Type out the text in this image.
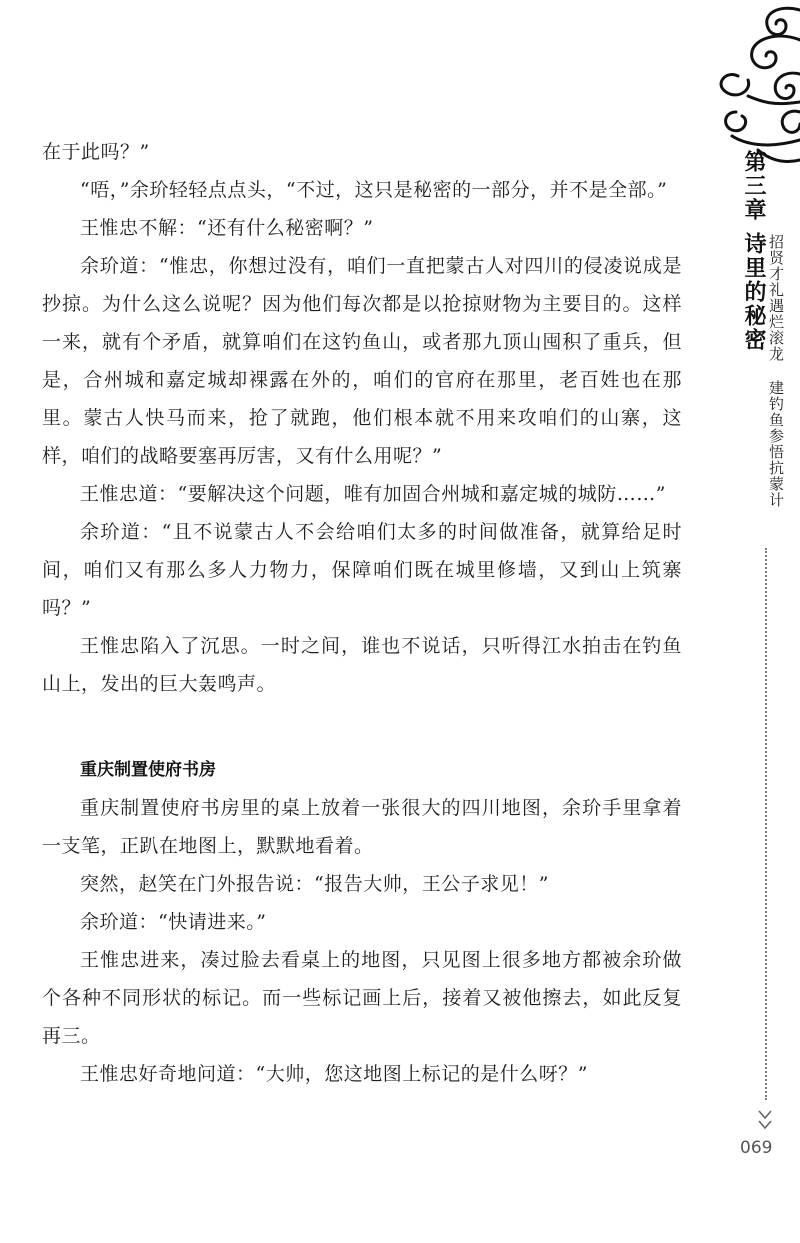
在于此吗？”

“唔，”余玠轻轻点点头，“不过，这只是秘密的一部分，并不是全部。”

王惟忠不解：“还有什么秘密啊？”

余玠道：“惟忠，你想过没有，咱们一直把蒙古人对四川的侵凌说成是抄掠。为什么这么说呢？因为他们每次都是以抢掠财物为主要目的。这样一来，就有个矛盾，就算咱们在这钓鱼山，或者那九顶山囤积了重兵，但是，合州城和嘉定城却裸露在外的，咱们的官府在那里，老百姓也在那里。蒙古人快马而来，抢了就跑，他们根本就不用来攻咱们的山寨，这样，咱们的战略要塞再厉害，又有什么用呢？”

王惟忠道：“要解决这个问题，唯有加固合州城和嘉定城的城防……”

余玠道：“且不说蒙古人不会给咱们太多的时间做准备，就算给足时间，咱们又有那么多人力物力，保障咱们既在城里修墙，又到山上筑寨吗？”

王惟忠陷入了沉思。一时之间，谁也不说话，只听得江水拍击在钓鱼山上，发出的巨大轰鸣声。

重庆制置使府书房

重庆制置使府书房里的桌上放着一张很大的四川地图，余玠手里拿着一支笔，正趴在地图上，默默地看着。

突然，赵笑在门外报告说：“报告大帅，王公子求见！”

余玠道：“快请进来。”

王惟忠进来，凑过脸去看桌上的地图，只见图上很多地方都被余玠做个各种不同形状的标记。而一些标记画上后，接着又被他擦去，如此反复再三。

王惟忠好奇地问道：“大帅，您这地图上标记的是什么呀？”

第三章
诗里的秘密 招贤才礼遇烂滚龙
建钓鱼参悟抗蒙计
069
